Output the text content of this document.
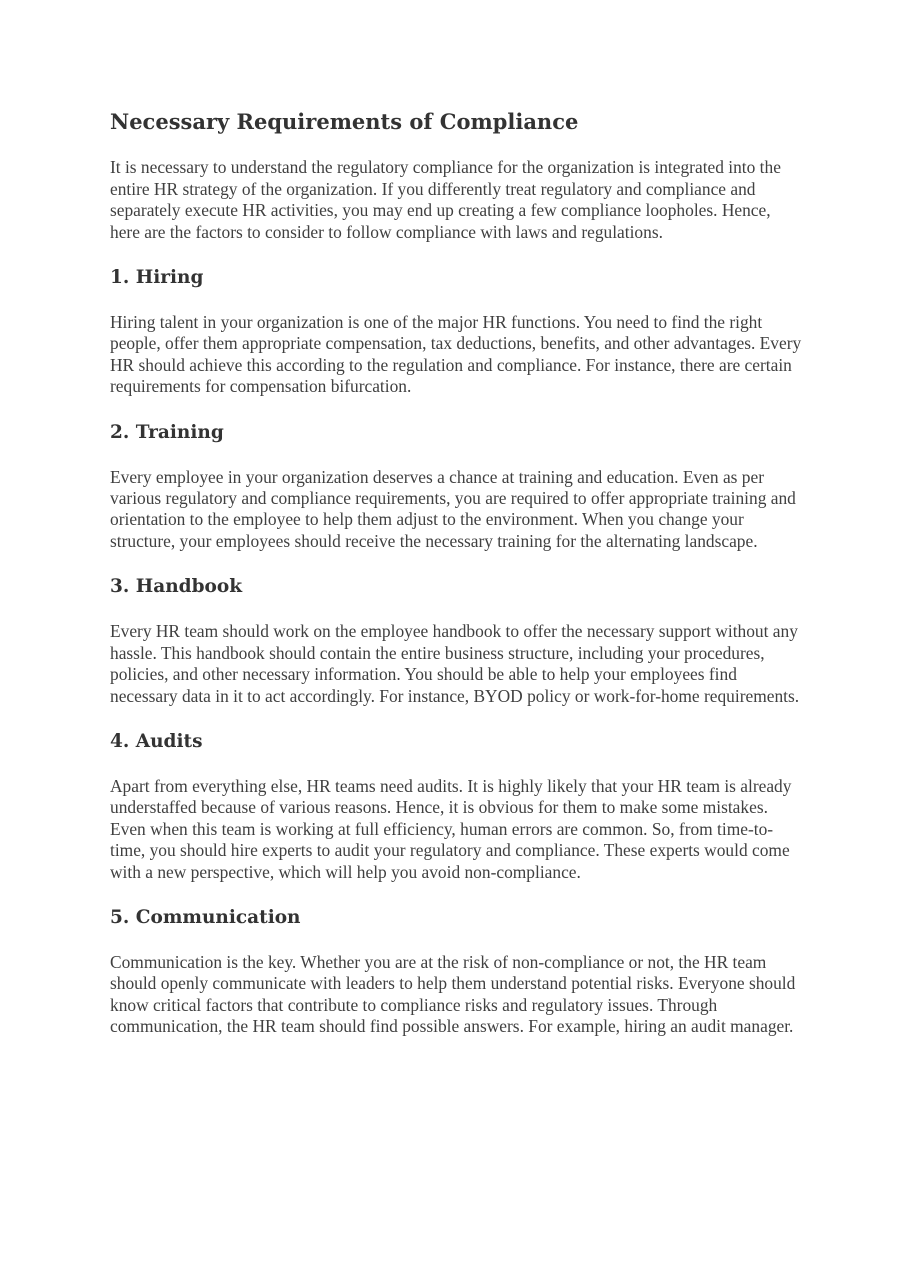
Necessary Requirements of Compliance

It is necessary to understand the regulatory compliance for the organization is integrated into the entire HR strategy of the organization. If you differently treat regulatory and compliance and separately execute HR activities, you may end up creating a few compliance loopholes. Hence, here are the factors to consider to follow compliance with laws and regulations.

1. Hiring

Hiring talent in your organization is one of the major HR functions. You need to find the right people, offer them appropriate compensation, tax deductions, benefits, and other advantages. Every HR should achieve this according to the regulation and compliance. For instance, there are certain requirements for compensation bifurcation.

2. Training

Every employee in your organization deserves a chance at training and education. Even as per various regulatory and compliance requirements, you are required to offer appropriate training and orientation to the employee to help them adjust to the environment. When you change your structure, your employees should receive the necessary training for the alternating landscape.

3. Handbook

Every HR team should work on the employee handbook to offer the necessary support without any hassle. This handbook should contain the entire business structure, including your procedures, policies, and other necessary information. You should be able to help your employees find necessary data in it to act accordingly. For instance, BYOD policy or work-for-home requirements.

4. Audits

Apart from everything else, HR teams need audits. It is highly likely that your HR team is already understaffed because of various reasons. Hence, it is obvious for them to make some mistakes. Even when this team is working at full efficiency, human errors are common. So, from time-to-time, you should hire experts to audit your regulatory and compliance. These experts would come with a new perspective, which will help you avoid non-compliance.

5. Communication

Communication is the key. Whether you are at the risk of non-compliance or not, the HR team should openly communicate with leaders to help them understand potential risks. Everyone should know critical factors that contribute to compliance risks and regulatory issues. Through communication, the HR team should find possible answers. For example, hiring an audit manager.
